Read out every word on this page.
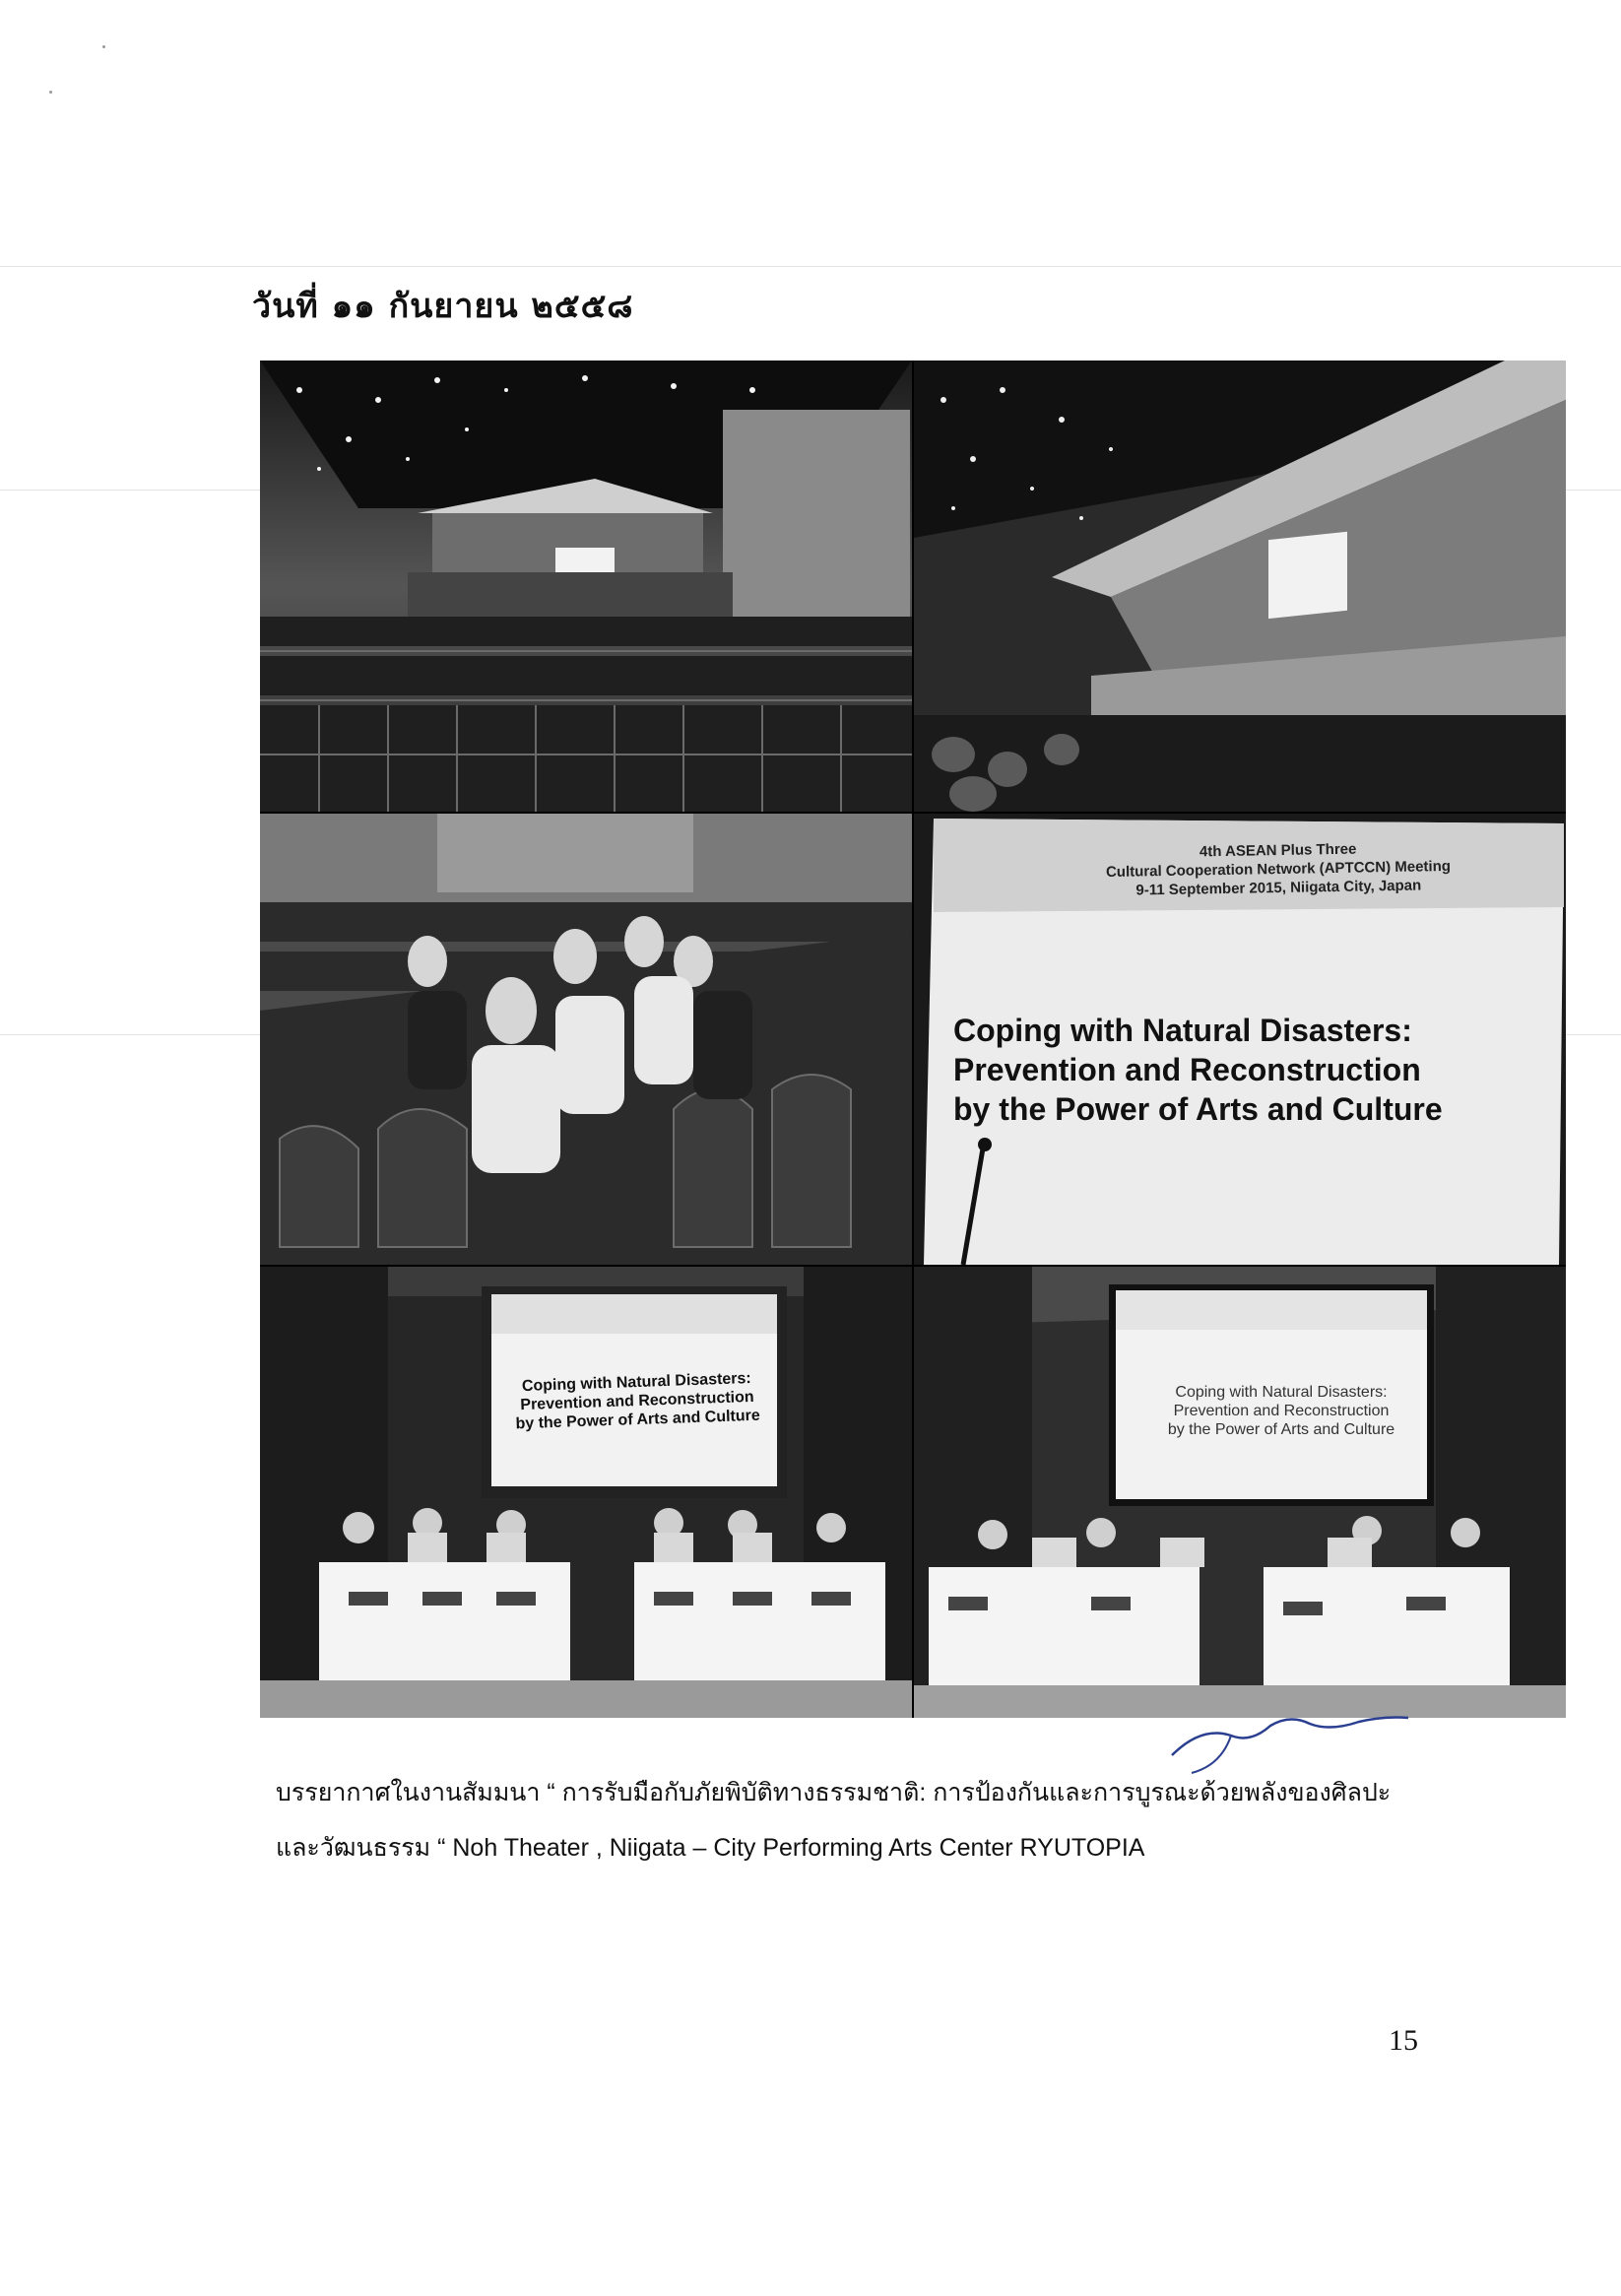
วันที่ ๑๑ กันยายน ๒๕๕๘
4th ASEAN Plus Three
Cultural Cooperation Network (APTCCN) Meeting
9-11 September 2015, Niigata City, Japan
Coping with Natural Disasters:
Prevention and Reconstruction
by the Power of Arts and Culture
Coping with Natural Disasters:
Prevention and Reconstruction
by the Power of Arts and Culture
Coping with Natural Disasters:
Prevention and Reconstruction
by the Power of Arts and Culture
บรรยากาศในงานสัมมนา “ การรับมือกับภัยพิบัติทางธรรมชาติ: การป้องกันและการบูรณะด้วยพลังของศิลปะ
และวัฒนธรรม “ Noh Theater , Niigata – City Performing Arts Center RYUTOPIA
15
